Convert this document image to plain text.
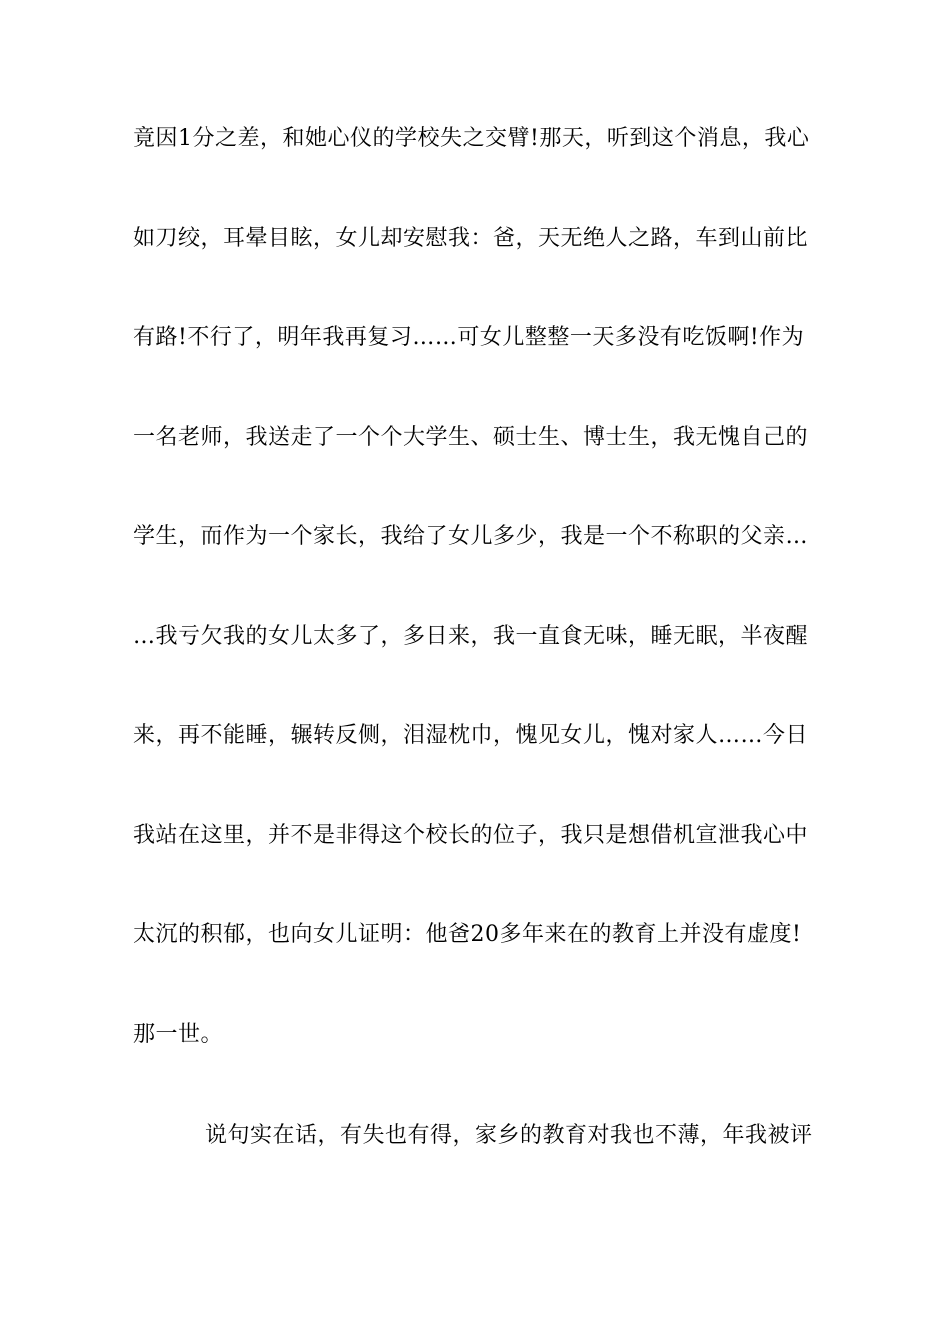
竟因1分之差，和她心仪的学校失之交臂!那天，听到这个消息，我心
如刀绞，耳晕目眩，女儿却安慰我：爸，天无绝人之路，车到山前比
有路!不行了，明年我再复习……可女儿整整一天多没有吃饭啊!作为
一名老师，我送走了一个个大学生、硕士生、博士生，我无愧自己的
学生，而作为一个家长，我给了女儿多少，我是一个不称职的父亲…
…我亏欠我的女儿太多了，多日来，我一直食无味，睡无眠，半夜醒
来，再不能睡，辗转反侧，泪湿枕巾，愧见女儿，愧对家人……今日
我站在这里，并不是非得这个校长的位子，我只是想借机宣泄我心中
太沉的积郁，也向女儿证明：他爸20多年来在的教育上并没有虚度!
那一世。
说句实在话，有失也有得，家乡的教育对我也不薄，年我被评
